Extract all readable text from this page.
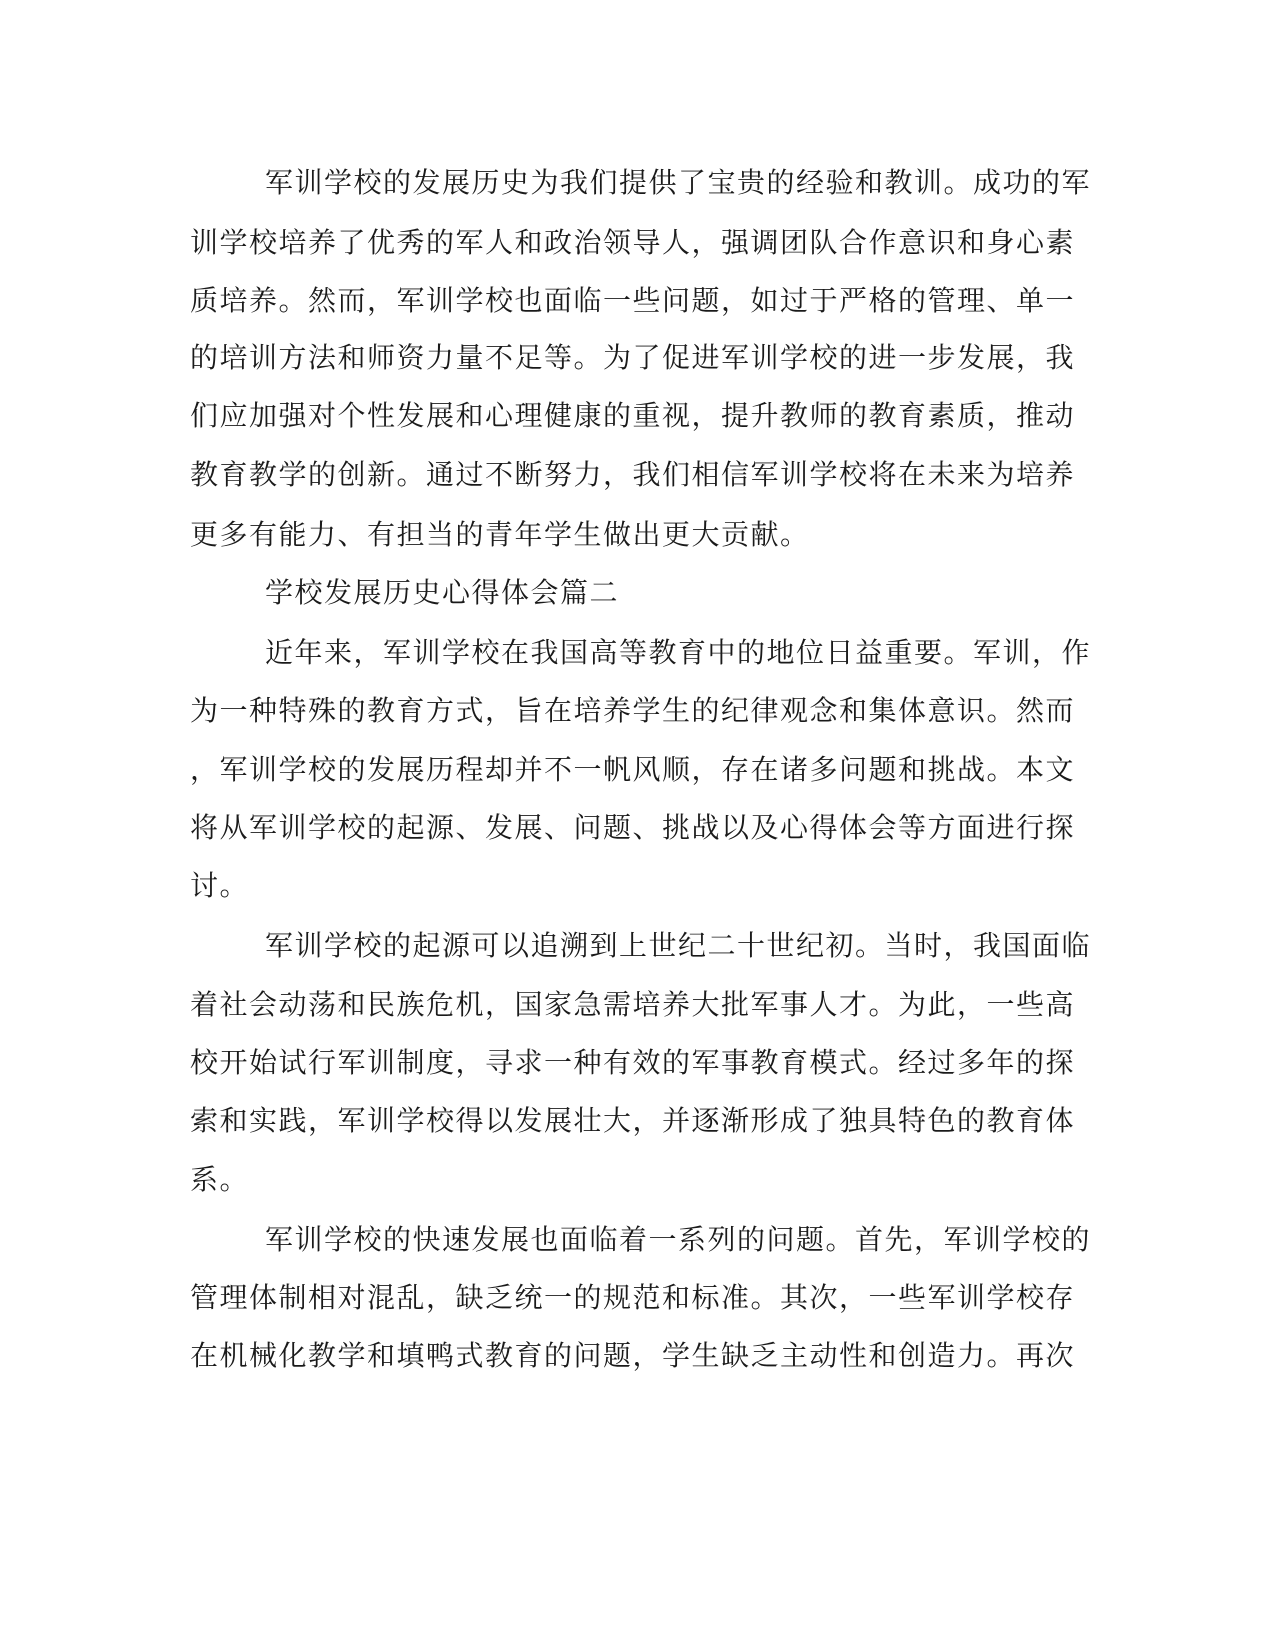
军训学校的发展历史为我们提供了宝贵的经验和教训。成功的军
训学校培养了优秀的军人和政治领导人，强调团队合作意识和身心素
质培养。然而，军训学校也面临一些问题，如过于严格的管理、单一
的培训方法和师资力量不足等。为了促进军训学校的进一步发展，我
们应加强对个性发展和心理健康的重视，提升教师的教育素质，推动
教育教学的创新。通过不断努力，我们相信军训学校将在未来为培养
更多有能力、有担当的青年学生做出更大贡献。
学校发展历史心得体会篇二
近年来，军训学校在我国高等教育中的地位日益重要。军训，作
为一种特殊的教育方式，旨在培养学生的纪律观念和集体意识。然而
，军训学校的发展历程却并不一帆风顺，存在诸多问题和挑战。本文
将从军训学校的起源、发展、问题、挑战以及心得体会等方面进行探
讨。
军训学校的起源可以追溯到上世纪二十世纪初。当时，我国面临
着社会动荡和民族危机，国家急需培养大批军事人才。为此，一些高
校开始试行军训制度，寻求一种有效的军事教育模式。经过多年的探
索和实践，军训学校得以发展壮大，并逐渐形成了独具特色的教育体
系。
军训学校的快速发展也面临着一系列的问题。首先，军训学校的
管理体制相对混乱，缺乏统一的规范和标准。其次，一些军训学校存
在机械化教学和填鸭式教育的问题，学生缺乏主动性和创造力。再次
